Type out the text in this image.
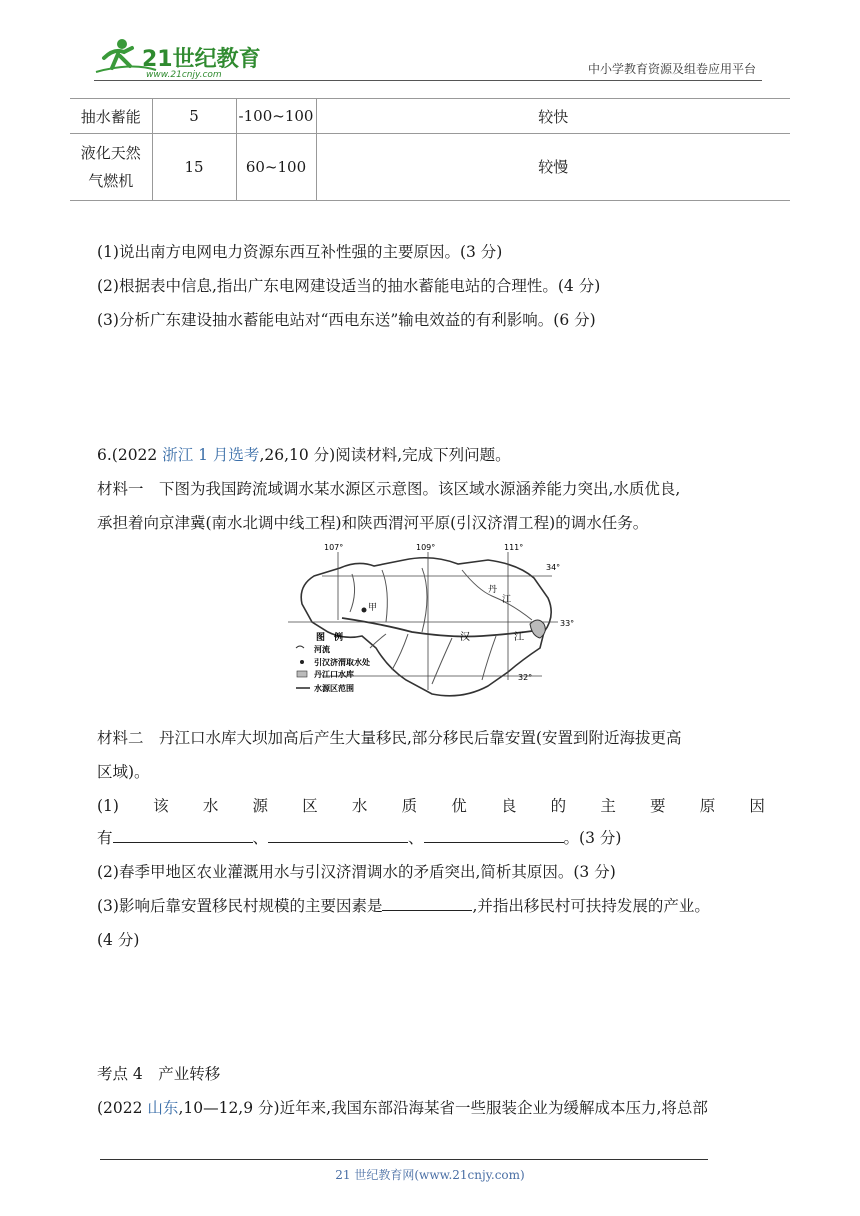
21世纪教育
www.21cnjy.com	中小学教育资源及组卷应用平台
抽水蓄能	5	-100~100	较快
液化天然气燃机	15	60~100	较慢
(1)说出南方电网电力资源东西互补性强的主要原因。(3 分)
(2)根据表中信息,指出广东电网建设适当的抽水蓄能电站的合理性。(4 分)
(3)分析广东建设抽水蓄能电站对“西电东送”输电效益的有利影响。(6 分)
6.(2022 浙江 1 月选考,26,10 分)阅读材料,完成下列问题。
材料一　下图为我国跨流域调水某水源区示意图。该区域水源涵养能力突出,水质优良,
承担着向京津冀(南水北调中线工程)和陕西渭河平原(引汉济渭工程)的调水任务。
107°	109°	111°
34°
33°
32°
甲
汉	江
丹
江
图　例
河流
引汉济渭取水处
丹江口水库
水源区范围
材料二　丹江口水库大坝加高后产生大量移民,部分移民后靠安置(安置到附近海拔更高
区域)。
(1) 该 水 源 区 水 质 优 良 的 主 要 原 因
有	、	、	。(3 分)
(2)春季甲地区农业灌溉用水与引汉济渭调水的矛盾突出,简析其原因。(3 分)
(3)影响后靠安置移民村规模的主要因素是	,并指出移民村可扶持发展的产业。
(4 分)
考点 4　产业转移
(2022 山东,10—12,9 分)近年来,我国东部沿海某省一些服装企业为缓解成本压力,将总部
21 世纪教育网(www.21cnjy.com)
